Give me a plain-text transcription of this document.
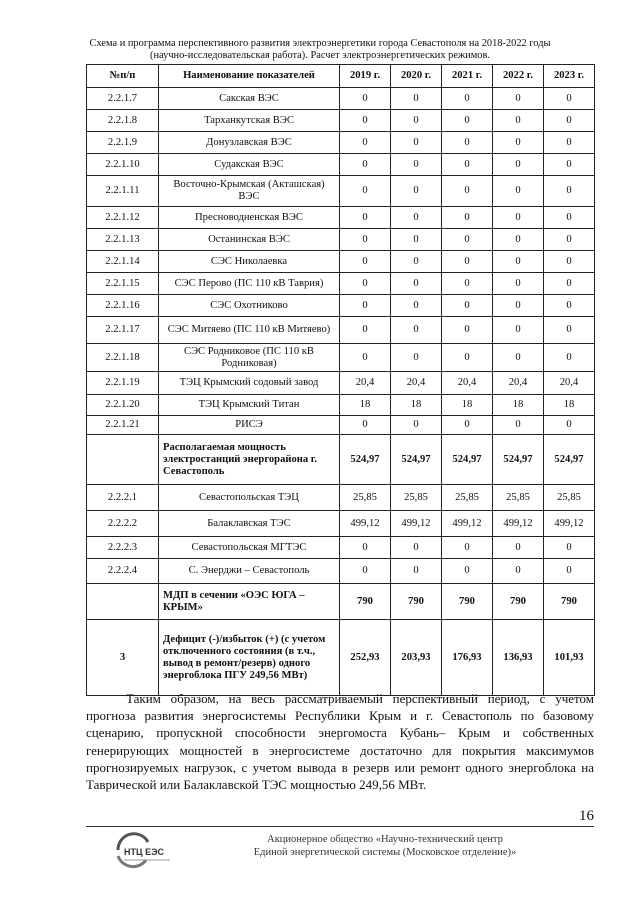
Схема и программа перспективного развития электроэнергетики города Севастополя на 2018-2022 годы
(научно-исследовательская работа). Расчет электроэнергетических режимов.
№п/п	Наименование показателей	2019 г.	2020 г.	2021 г.	2022 г.	2023 г.
2.2.1.7	Сакская ВЭС	0	0	0	0	0
2.2.1.8	Тарханкутская ВЭС	0	0	0	0	0
2.2.1.9	Донузлавская ВЭС	0	0	0	0	0
2.2.1.10	Судакская ВЭС	0	0	0	0	0
2.2.1.11	Восточно-Крымская (Акташская) ВЭС	0	0	0	0	0
2.2.1.12	Пресноводненская ВЭС	0	0	0	0	0
2.2.1.13	Останинская ВЭС	0	0	0	0	0
2.2.1.14	СЭС Николаевка	0	0	0	0	0
2.2.1.15	СЭС Перово (ПС 110 кВ Таврия)	0	0	0	0	0
2.2.1.16	СЭС Охотниково	0	0	0	0	0
2.2.1.17	СЭС Митяево (ПС 110 кВ Митяево)	0	0	0	0	0
2.2.1.18	СЭС Родниковое (ПС 110 кВ Родниковая)	0	0	0	0	0
2.2.1.19	ТЭЦ Крымский содовый завод	20,4	20,4	20,4	20,4	20,4
2.2.1.20	ТЭЦ Крымский Титан	18	18	18	18	18
2.2.1.21	РИСЭ	0	0	0	0	0
	Располагаемая мощность электростанций энергорайона г. Севастополь	524,97	524,97	524,97	524,97	524,97
2.2.2.1	Севастопольская ТЭЦ	25,85	25,85	25,85	25,85	25,85
2.2.2.2	Балаклавская ТЭС	499,12	499,12	499,12	499,12	499,12
2.2.2.3	Севастопольская МГТЭС	0	0	0	0	0
2.2.2.4	С. Энерджи – Севастополь	0	0	0	0	0
	МДП в сечении «ОЭС ЮГА – КРЫМ»	790	790	790	790	790
3	Дефицит (-)/избыток (+) (с учетом отключенного состояния (в т.ч., вывод в ремонт/резерв) одного энергоблока ПГУ 249,56 МВт)	252,93	203,93	176,93	136,93	101,93

Таким образом, на весь рассматриваемый перспективный период, с учетом прогноза развития энергосистемы Республики Крым и г. Севастополь по базовому сценарию, пропускной способности энергомоста Кубань– Крым и собственных генерирующих мощностей в энергосистеме достаточно для покрытия максимумов прогнозируемых нагрузок, с учетом вывода в резерв или ремонт одного энергоблока на Таврической или Балаклавской ТЭС мощностью 249,56 МВт.

16
НТЦ ЕЭС
Акционерное общество «Научно-технический центр
Единой энергетической системы (Московское отделение)»
